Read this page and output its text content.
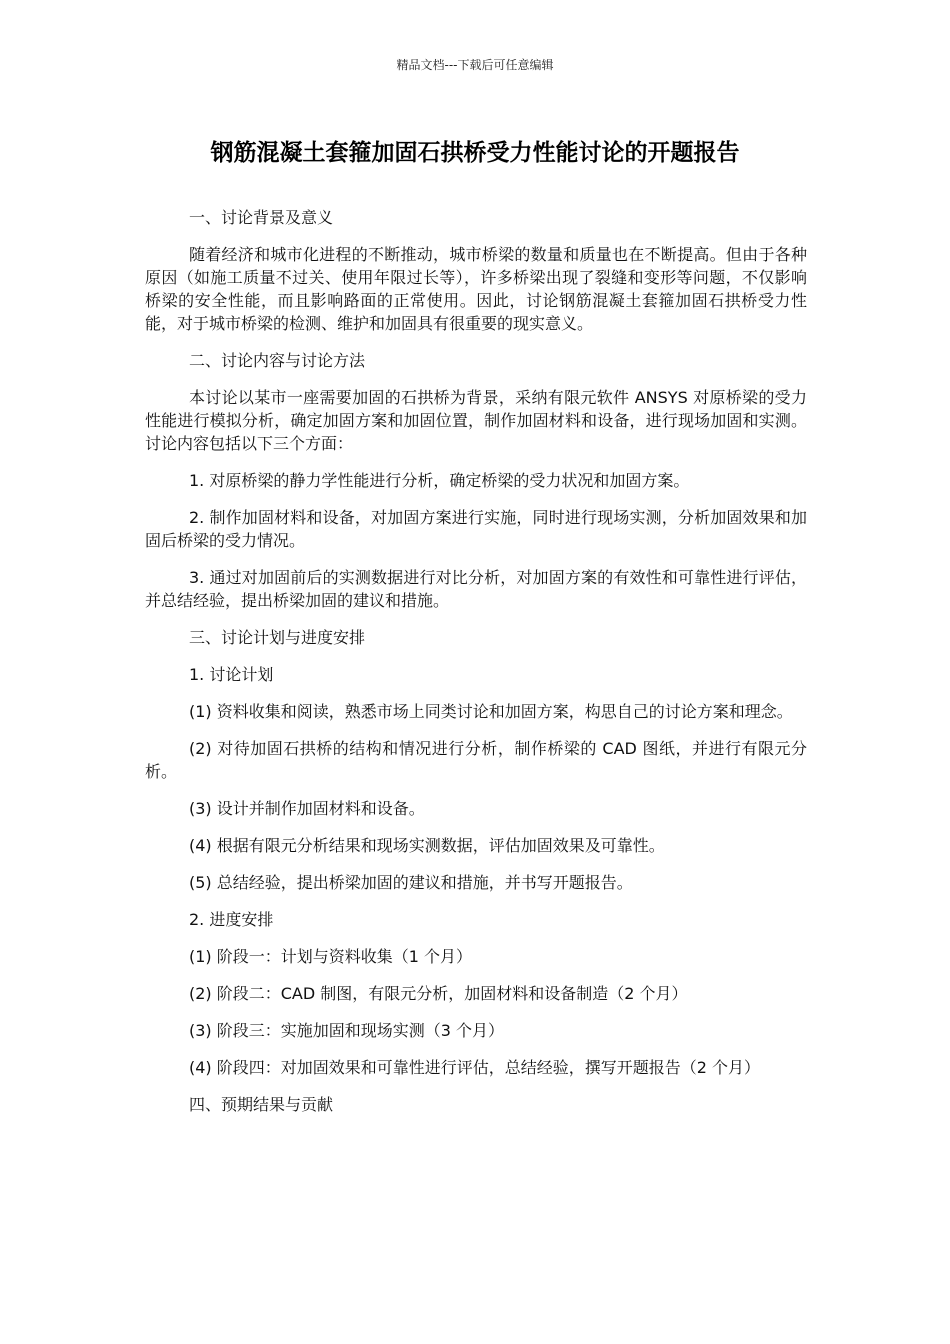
精品文档---下载后可任意编辑
钢筋混凝土套箍加固石拱桥受力性能讨论的开题报告

一、讨论背景及意义

随着经济和城市化进程的不断推动，城市桥梁的数量和质量也在不断提高。但由于各种原因（如施工质量不过关、使用年限过长等），许多桥梁出现了裂缝和变形等问题，不仅影响桥梁的安全性能，而且影响路面的正常使用。因此，讨论钢筋混凝土套箍加固石拱桥受力性能，对于城市桥梁的检测、维护和加固具有很重要的现实意义。

二、讨论内容与讨论方法

本讨论以某市一座需要加固的石拱桥为背景，采纳有限元软件 ANSYS 对原桥梁的受力性能进行模拟分析，确定加固方案和加固位置，制作加固材料和设备，进行现场加固和实测。讨论内容包括以下三个方面：

1. 对原桥梁的静力学性能进行分析，确定桥梁的受力状况和加固方案。

2. 制作加固材料和设备，对加固方案进行实施，同时进行现场实测，分析加固效果和加固后桥梁的受力情况。

3. 通过对加固前后的实测数据进行对比分析，对加固方案的有效性和可靠性进行评估，并总结经验，提出桥梁加固的建议和措施。

三、讨论计划与进度安排

1. 讨论计划

(1) 资料收集和阅读，熟悉市场上同类讨论和加固方案，构思自己的讨论方案和理念。

(2) 对待加固石拱桥的结构和情况进行分析，制作桥梁的 CAD 图纸，并进行有限元分析。

(3) 设计并制作加固材料和设备。

(4) 根据有限元分析结果和现场实测数据，评估加固效果及可靠性。

(5) 总结经验，提出桥梁加固的建议和措施，并书写开题报告。

2. 进度安排

(1) 阶段一：计划与资料收集（1 个月）

(2) 阶段二：CAD 制图，有限元分析，加固材料和设备制造（2 个月）

(3) 阶段三：实施加固和现场实测（3 个月）

(4) 阶段四：对加固效果和可靠性进行评估，总结经验，撰写开题报告（2 个月）

四、预期结果与贡献
